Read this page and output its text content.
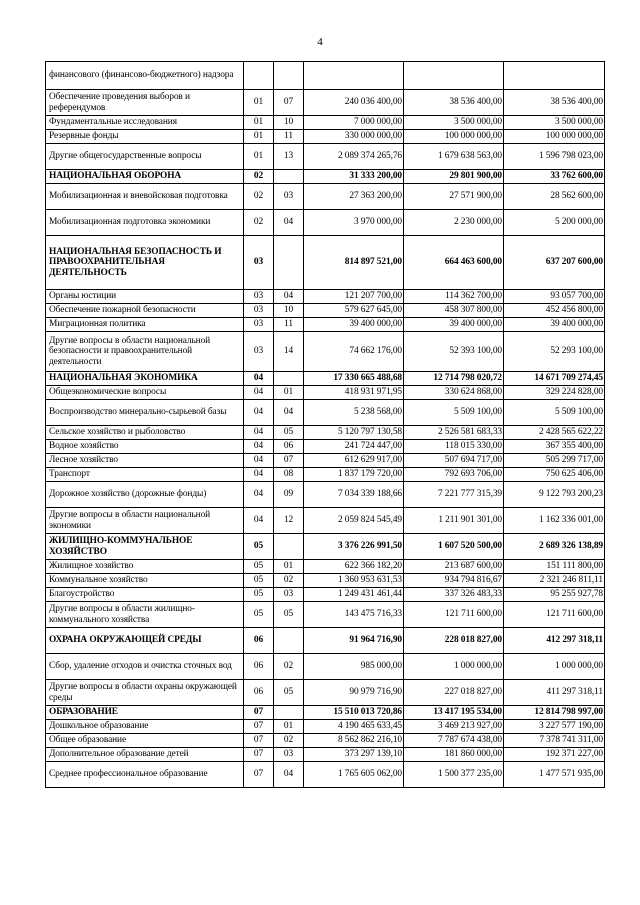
4
финансового (финансово-бюджетного) надзора					
Обеспечение проведения выборов и референдумов	01	07	240 036 400,00	38 536 400,00	38 536 400,00
Фундаментальные исследования	01	10	7 000 000,00	3 500 000,00	3 500 000,00
Резервные фонды	01	11	330 000 000,00	100 000 000,00	100 000 000,00
Другие общегосударственные вопросы	01	13	2 089 374 265,76	1 679 638 563,00	1 596 798 023,00
НАЦИОНАЛЬНАЯ ОБОРОНА	02		31 333 200,00	29 801 900,00	33 762 600,00
Мобилизационная и вневойсковая подготовка	02	03	27 363 200,00	27 571 900,00	28 562 600,00
Мобилизационная подготовка экономики	02	04	3 970 000,00	2 230 000,00	5 200 000,00
НАЦИОНАЛЬНАЯ БЕЗОПАСНОСТЬ И ПРАВООХРАНИТЕЛЬНАЯ ДЕЯТЕЛЬНОСТЬ	03		814 897 521,00	664 463 600,00	637 207 600,00
Органы юстиции	03	04	121 207 700,00	114 362 700,00	93 057 700,00
Обеспечение пожарной безопасности	03	10	579 627 645,00	458 307 800,00	452 456 800,00
Миграционная политика	03	11	39 400 000,00	39 400 000,00	39 400 000,00
Другие вопросы в области национальной безопасности и правоохранительной деятельности	03	14	74 662 176,00	52 393 100,00	52 293 100,00
НАЦИОНАЛЬНАЯ ЭКОНОМИКА	04		17 330 665 488,68	12 714 798 020,72	14 671 709 274,45
Общеэкономические вопросы	04	01	418 931 971,95	330 624 868,00	329 224 828,00
Воспроизводство минерально-сырьевой базы	04	04	5 238 568,00	5 509 100,00	5 509 100,00
Сельское хозяйство и рыболовство	04	05	5 120 797 130,58	2 526 581 683,33	2 428 565 622,22
Водное хозяйство	04	06	241 724 447,00	118 015 330,00	367 355 400,00
Лесное хозяйство	04	07	612 629 917,00	507 694 717,00	505 299 717,00
Транспорт	04	08	1 837 179 720,00	792 693 706,00	750 625 406,00
Дорожное хозяйство (дорожные фонды)	04	09	7 034 339 188,66	7 221 777 315,39	9 122 793 200,23
Другие вопросы в области национальной экономики	04	12	2 059 824 545,49	1 211 901 301,00	1 162 336 001,00
ЖИЛИЩНО-КОММУНАЛЬНОЕ ХОЗЯЙСТВО	05		3 376 226 991,50	1 607 520 500,00	2 689 326 138,89
Жилищное хозяйство	05	01	622 366 182,20	213 687 600,00	151 111 800,00
Коммунальное хозяйство	05	02	1 360 953 631,53	934 794 816,67	2 321 246 811,11
Благоустройство	05	03	1 249 431 461,44	337 326 483,33	95 255 927,78
Другие вопросы в области жилищно-коммунального хозяйства	05	05	143 475 716,33	121 711 600,00	121 711 600,00
ОХРАНА ОКРУЖАЮЩЕЙ СРЕДЫ	06		91 964 716,90	228 018 827,00	412 297 318,11
Сбор, удаление отходов и очистка сточных вод	06	02	985 000,00	1 000 000,00	1 000 000,00
Другие вопросы в области охраны окружающей среды	06	05	90 979 716,90	227 018 827,00	411 297 318,11
ОБРАЗОВАНИЕ	07		15 510 013 720,86	13 417 195 534,00	12 814 798 997,00
Дошкольное образование	07	01	4 190 465 633,45	3 469 213 927,00	3 227 577 190,00
Общее образование	07	02	8 562 862 216,10	7 787 674 438,00	7 378 741 311,00
Дополнительное образование детей	07	03	373 297 139,10	181 860 000,00	192 371 227,00
Среднее профессиональное образование	07	04	1 765 605 062,00	1 500 377 235,00	1 477 571 935,00
